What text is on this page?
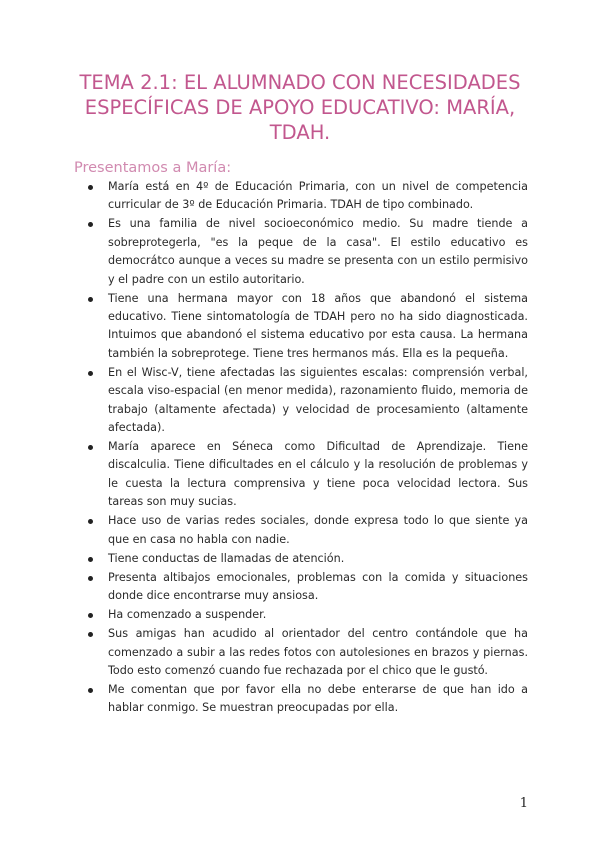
TEMA 2.1: EL ALUMNADO CON NECESIDADES ESPECÍFICAS DE APOYO EDUCATIVO: MARÍA, TDAH.
Presentamos a María:
María está en 4º de Educación Primaria, con un nivel de competencia curricular de 3º de Educación Primaria. TDAH de tipo combinado.
Es una familia de nivel socioeconómico medio. Su madre tiende a sobreprotegerla, "es la peque de la casa". El estilo educativo es democrátco aunque a veces su madre se presenta con un estilo permisivo y el padre con un estilo autoritario.
Tiene una hermana mayor con 18 años que abandonó el sistema educativo. Tiene sintomatología de TDAH pero no ha sido diagnosticada. Intuimos que abandonó el sistema educativo por esta causa. La hermana también la sobreprotege. Tiene tres hermanos más. Ella es la pequeña.
En el Wisc-V, tiene afectadas las siguientes escalas: comprensión verbal, escala viso-espacial (en menor medida), razonamiento fluido, memoria de trabajo (altamente afectada) y velocidad de procesamiento (altamente afectada).
María aparece en Séneca como Dificultad de Aprendizaje. Tiene discalculia. Tiene dificultades en el cálculo y la resolución de problemas y le cuesta la lectura comprensiva y tiene poca velocidad lectora. Sus tareas son muy sucias.
Hace uso de varias redes sociales, donde expresa todo lo que siente ya que en casa no habla con nadie.
Tiene conductas de llamadas de atención.
Presenta altibajos emocionales, problemas con la comida y situaciones donde dice encontrarse muy ansiosa.
Ha comenzado a suspender.
Sus amigas han acudido al orientador del centro contándole que ha comenzado a subir a las redes fotos con autolesiones en brazos y piernas. Todo esto comenzó cuando fue rechazada por el chico que le gustó.
Me comentan que por favor ella no debe enterarse de que han ido a hablar conmigo. Se muestran preocupadas por ella.
1
